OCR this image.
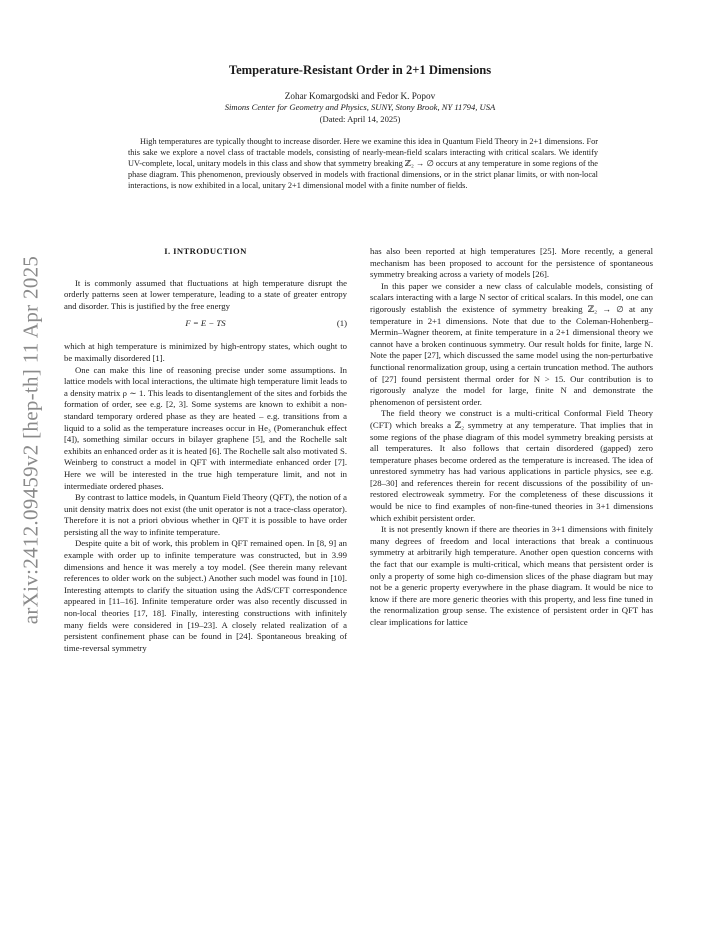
arXiv:2412.09459v2 [hep-th] 11 Apr 2025
Temperature-Resistant Order in 2+1 Dimensions
Zohar Komargodski and Fedor K. Popov
Simons Center for Geometry and Physics, SUNY, Stony Brook, NY 11794, USA
(Dated: April 14, 2025)
High temperatures are typically thought to increase disorder. Here we examine this idea in Quantum Field Theory in 2+1 dimensions. For this sake we explore a novel class of tractable models, consisting of nearly-mean-field scalars interacting with critical scalars. We identify UV-complete, local, unitary models in this class and show that symmetry breaking ℤ₂ → ∅ occurs at any temperature in some regions of the phase diagram. This phenomenon, previously observed in models with fractional dimensions, or in the strict planar limits, or with non-local interactions, is now exhibited in a local, unitary 2+1 dimensional model with a finite number of fields.
I. INTRODUCTION

It is commonly assumed that fluctuations at high temperature disrupt the orderly patterns seen at lower temperature, leading to a state of greater entropy and disorder. This is justified by the free energy

F = E − TS	(1)

which at high temperature is minimized by high-entropy states, which ought to be maximally disordered [1].

One can make this line of reasoning precise under some assumptions. In lattice models with local interactions, the ultimate high temperature limit leads to a density matrix ρ ∼ 1. This leads to disentanglement of the sites and forbids the formation of order, see e.g. [2, 3]. Some systems are known to exhibit a non-standard temporary ordered phase as they are heated – e.g. transitions from a liquid to a solid as the temperature increases occur in He₃ (Pomeranchuk effect [4]), something similar occurs in bilayer graphene [5], and the Rochelle salt exhibits an enhanced order as it is heated [6]. The Rochelle salt also motivated S. Weinberg to construct a model in QFT with intermediate enhanced order [7]. Here we will be interested in the true high temperature limit, and not in intermediate ordered phases.

By contrast to lattice models, in Quantum Field Theory (QFT), the notion of a unit density matrix does not exist (the unit operator is not a trace-class operator). Therefore it is not a priori obvious whether in QFT it is possible to have order persisting all the way to infinite temperature.

Despite quite a bit of work, this problem in QFT remained open. In [8, 9] an example with order up to infinite temperature was constructed, but in 3.99 dimensions and hence it was merely a toy model. (See therein many relevant references to older work on the subject.) Another such model was found in [10]. Interesting attempts to clarify the situation using the AdS/CFT correspondence appeared in [11–16]. Infinite temperature order was also recently discussed in non-local theories [17, 18]. Finally, interesting constructions with infinitely many fields were considered in [19–23]. A closely related realization of a persistent confinement phase can be found in [24]. Spontaneous breaking of time-reversal symmetry

has also been reported at high temperatures [25]. More recently, a general mechanism has been proposed to account for the persistence of spontaneous symmetry breaking across a variety of models [26].

In this paper we consider a new class of calculable models, consisting of scalars interacting with a large N sector of critical scalars. In this model, one can rigorously establish the existence of symmetry breaking ℤ₂ → ∅ at any temperature in 2+1 dimensions. Note that due to the Coleman-Hohenberg–Mermin–Wagner theorem, at finite temperature in a 2+1 dimensional theory we cannot have a broken continuous symmetry. Our result holds for finite, large N. Note the paper [27], which discussed the same model using the non-perturbative functional renormalization group, using a certain truncation method. The authors of [27] found persistent thermal order for N > 15. Our contribution is to rigorously analyze the model for large, finite N and demonstrate the phenomenon of persistent order.

The field theory we construct is a multi-critical Conformal Field Theory (CFT) which breaks a ℤ₂ symmetry at any temperature. That implies that in some regions of the phase diagram of this model symmetry breaking persists at all temperatures. It also follows that certain disordered (gapped) zero temperature phases become ordered as the temperature is increased. The idea of unrestored symmetry has had various applications in particle physics, see e.g. [28–30] and references therein for recent discussions of the possibility of un-restored electroweak symmetry. For the completeness of these discussions it would be nice to find examples of non-fine-tuned theories in 3+1 dimensions which exhibit persistent order.

It is not presently known if there are theories in 3+1 dimensions with finitely many degrees of freedom and local interactions that break a continuous symmetry at arbitrarily high temperature. Another open question concerns with the fact that our example is multi-critical, which means that persistent order is only a property of some high co-dimension slices of the phase diagram but may not be a generic property everywhere in the phase diagram. It would be nice to know if there are more generic theories with this property, and less fine tuned in the renormalization group sense. The existence of persistent order in QFT has clear implications for lattice
